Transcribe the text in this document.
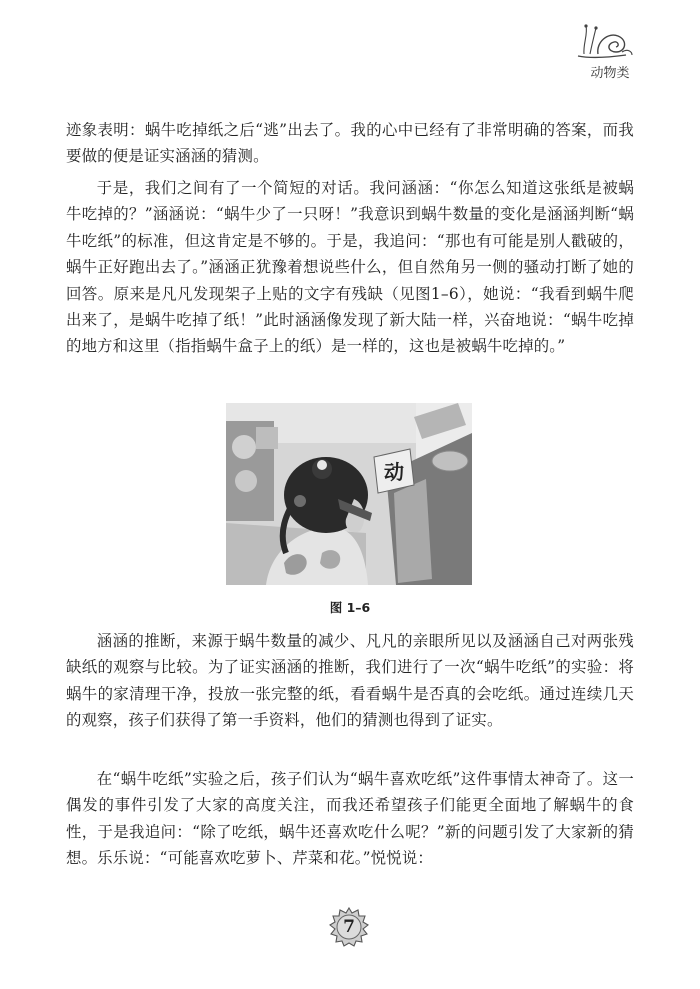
动物类

迹象表明：蜗牛吃掉纸之后“逃”出去了。我的心中已经有了非常明确的答案，而我要做的便是证实涵涵的猜测。

于是，我们之间有了一个简短的对话。我问涵涵：“你怎么知道这张纸是被蜗牛吃掉的？”涵涵说：“蜗牛少了一只呀！”我意识到蜗牛数量的变化是涵涵判断“蜗牛吃纸”的标准，但这肯定是不够的。于是，我追问：“那也有可能是别人戳破的，蜗牛正好跑出去了。”涵涵正犹豫着想说些什么，但自然角另一侧的骚动打断了她的回答。原来是凡凡发现架子上贴的文字有残缺（见图1–6），她说：“我看到蜗牛爬出来了，是蜗牛吃掉了纸！”此时涵涵像发现了新大陆一样，兴奋地说：“蜗牛吃掉的地方和这里（指指蜗牛盒子上的纸）是一样的，这也是被蜗牛吃掉的。”

动
图 1–6

涵涵的推断，来源于蜗牛数量的减少、凡凡的亲眼所见以及涵涵自己对两张残缺纸的观察与比较。为了证实涵涵的推断，我们进行了一次“蜗牛吃纸”的实验：将蜗牛的家清理干净，投放一张完整的纸，看看蜗牛是否真的会吃纸。通过连续几天的观察，孩子们获得了第一手资料，他们的猜测也得到了证实。

在“蜗牛吃纸”实验之后，孩子们认为“蜗牛喜欢吃纸”这件事情太神奇了。这一偶发的事件引发了大家的高度关注，而我还希望孩子们能更全面地了解蜗牛的食性，于是我追问：“除了吃纸，蜗牛还喜欢吃什么呢？”新的问题引发了大家新的猜想。乐乐说：“可能喜欢吃萝卜、芹菜和花。”悦悦说：

7
